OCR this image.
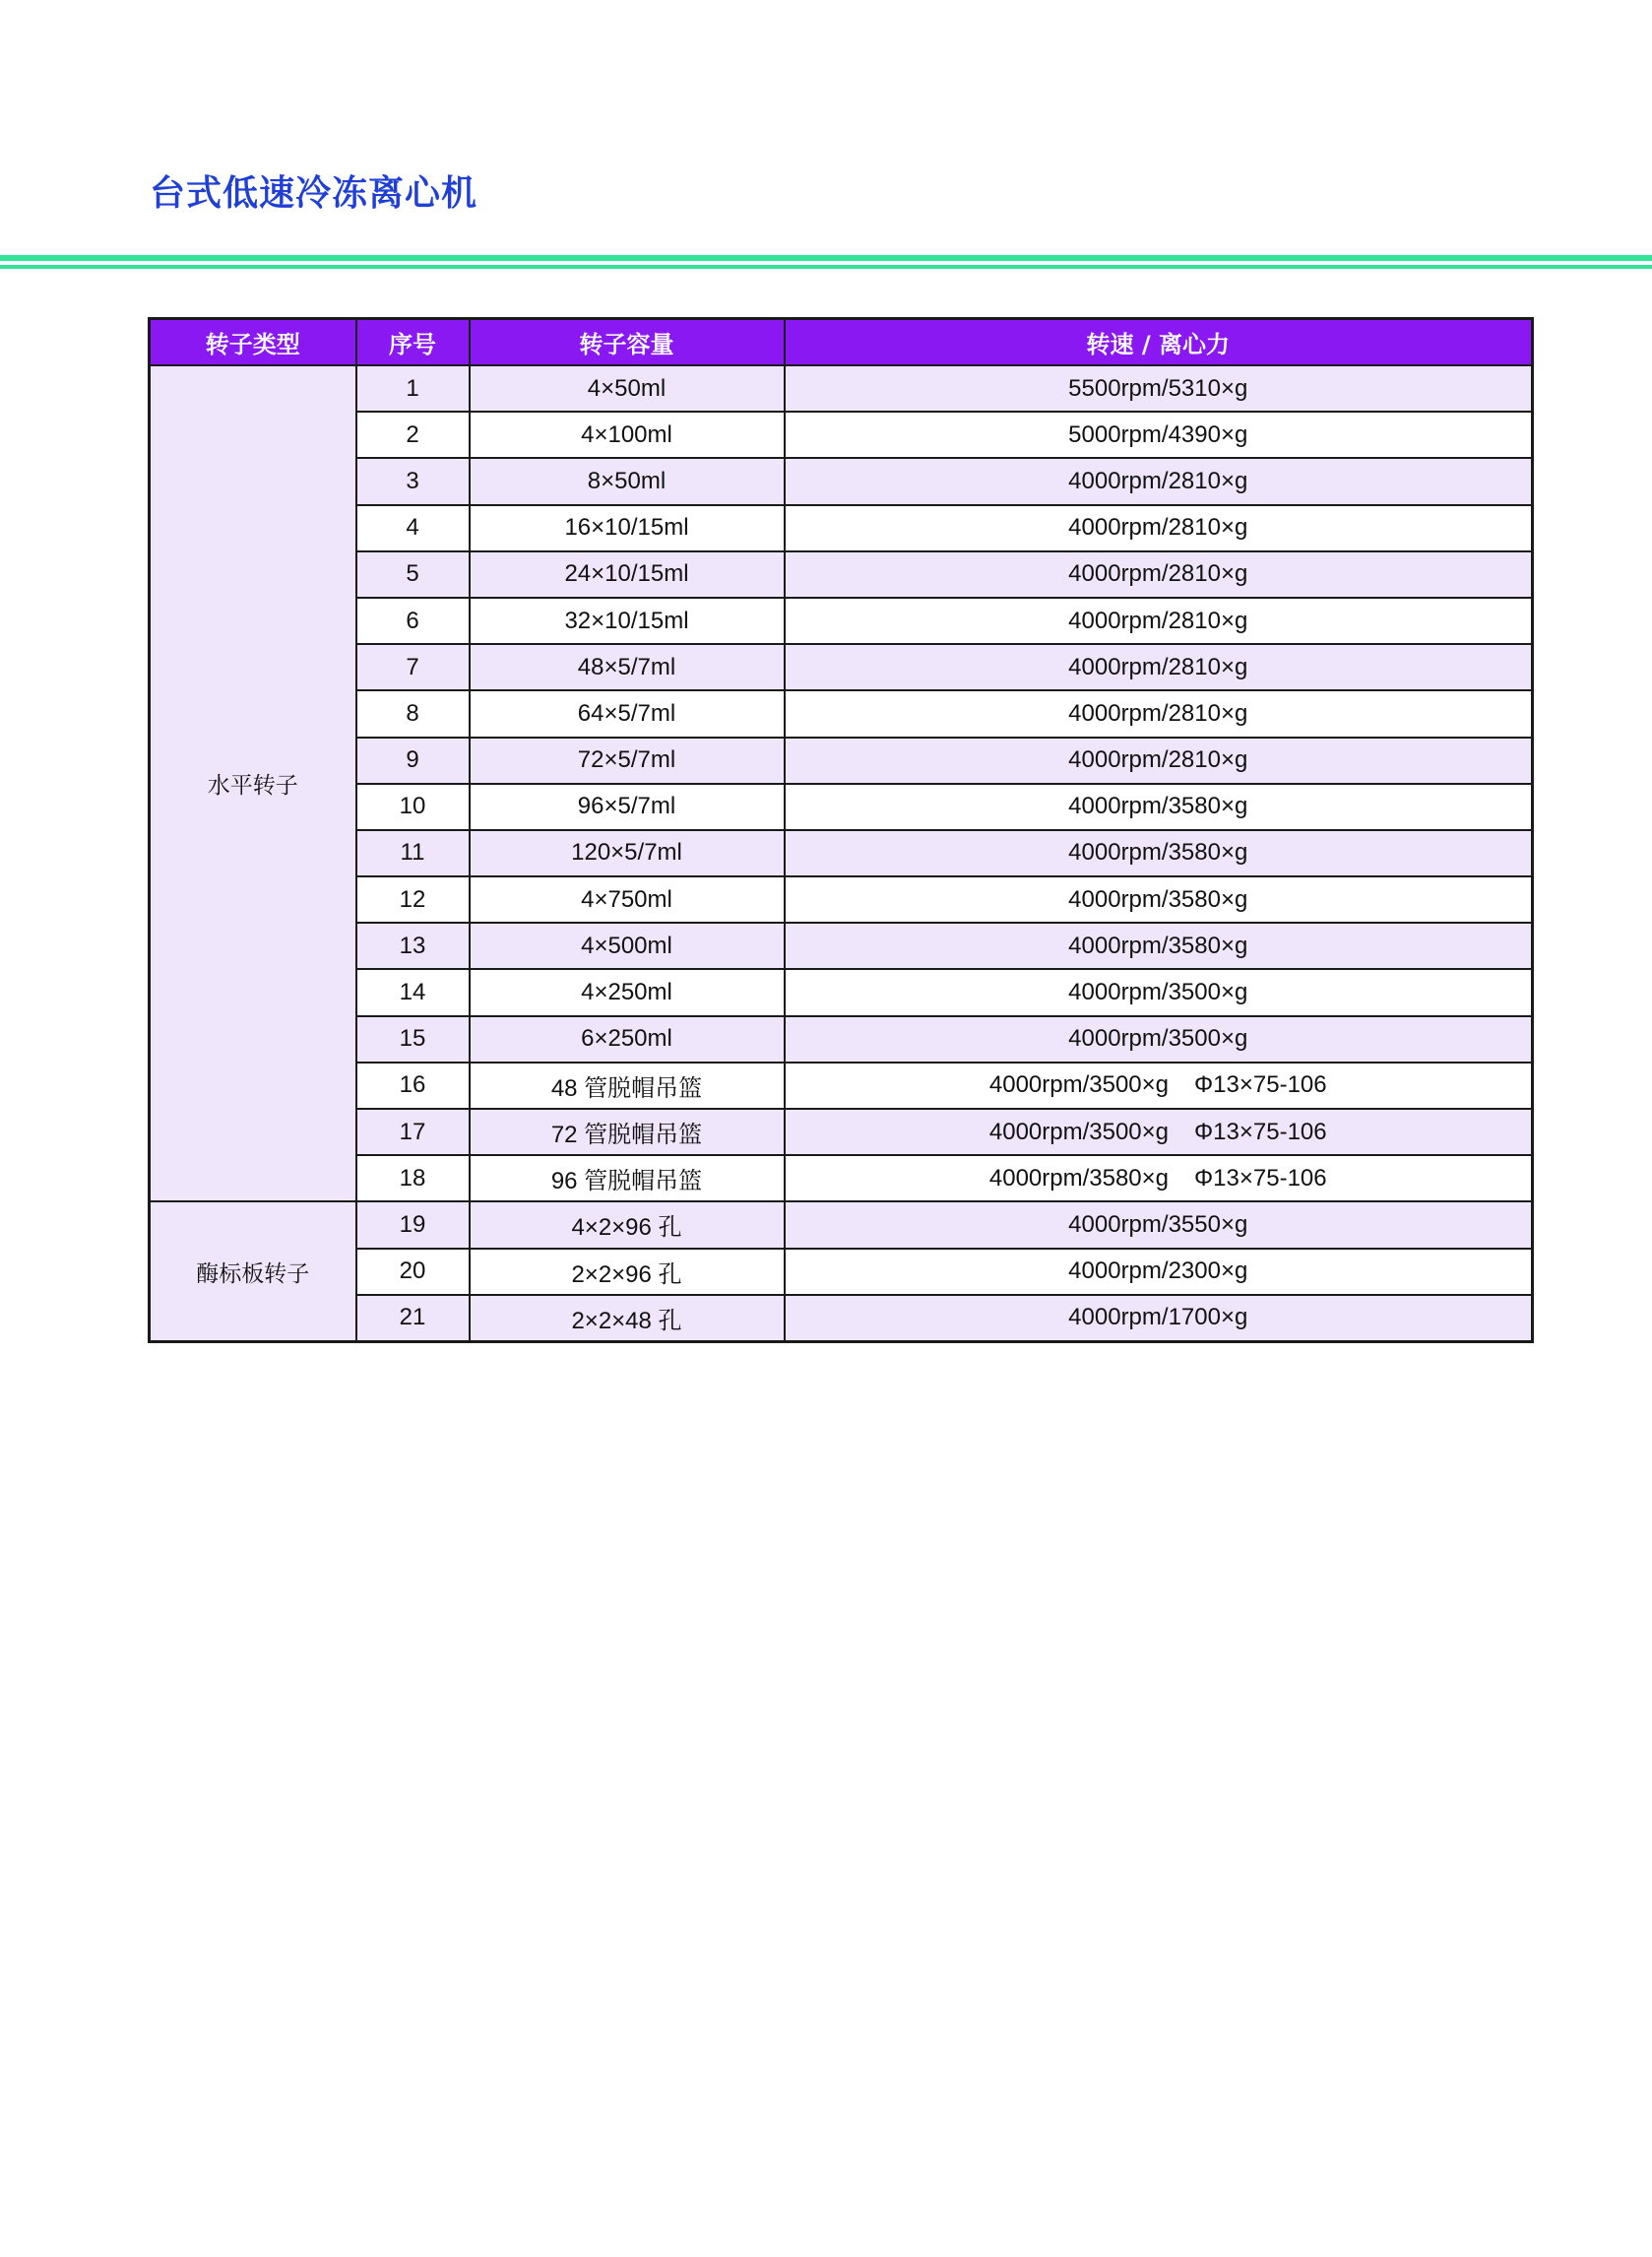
台式低速冷冻离心机
转子类型	序号	转子容量	转速 / 离心力
水平转子	1	4×50ml	5500rpm/5310×g
	2	4×100ml	5000rpm/4390×g
	3	8×50ml	4000rpm/2810×g
	4	16×10/15ml	4000rpm/2810×g
	5	24×10/15ml	4000rpm/2810×g
	6	32×10/15ml	4000rpm/2810×g
	7	48×5/7ml	4000rpm/2810×g
	8	64×5/7ml	4000rpm/2810×g
	9	72×5/7ml	4000rpm/2810×g
	10	96×5/7ml	4000rpm/3580×g
	11	120×5/7ml	4000rpm/3580×g
	12	4×750ml	4000rpm/3580×g
	13	4×500ml	4000rpm/3580×g
	14	4×250ml	4000rpm/3500×g
	15	6×250ml	4000rpm/3500×g
	16	48 管脱帽吊篮	4000rpm/3500×g Φ13×75-106

	17	72 管脱帽吊篮	4000rpm/3500×g Φ13×75-106

	18	96 管脱帽吊篮	4000rpm/3580×g Φ13×75-106

酶标板转子	19	4×2×96 孔	4000rpm/3550×g
	20	2×2×96 孔	4000rpm/2300×g
	21	2×2×48 孔	4000rpm/1700×g
